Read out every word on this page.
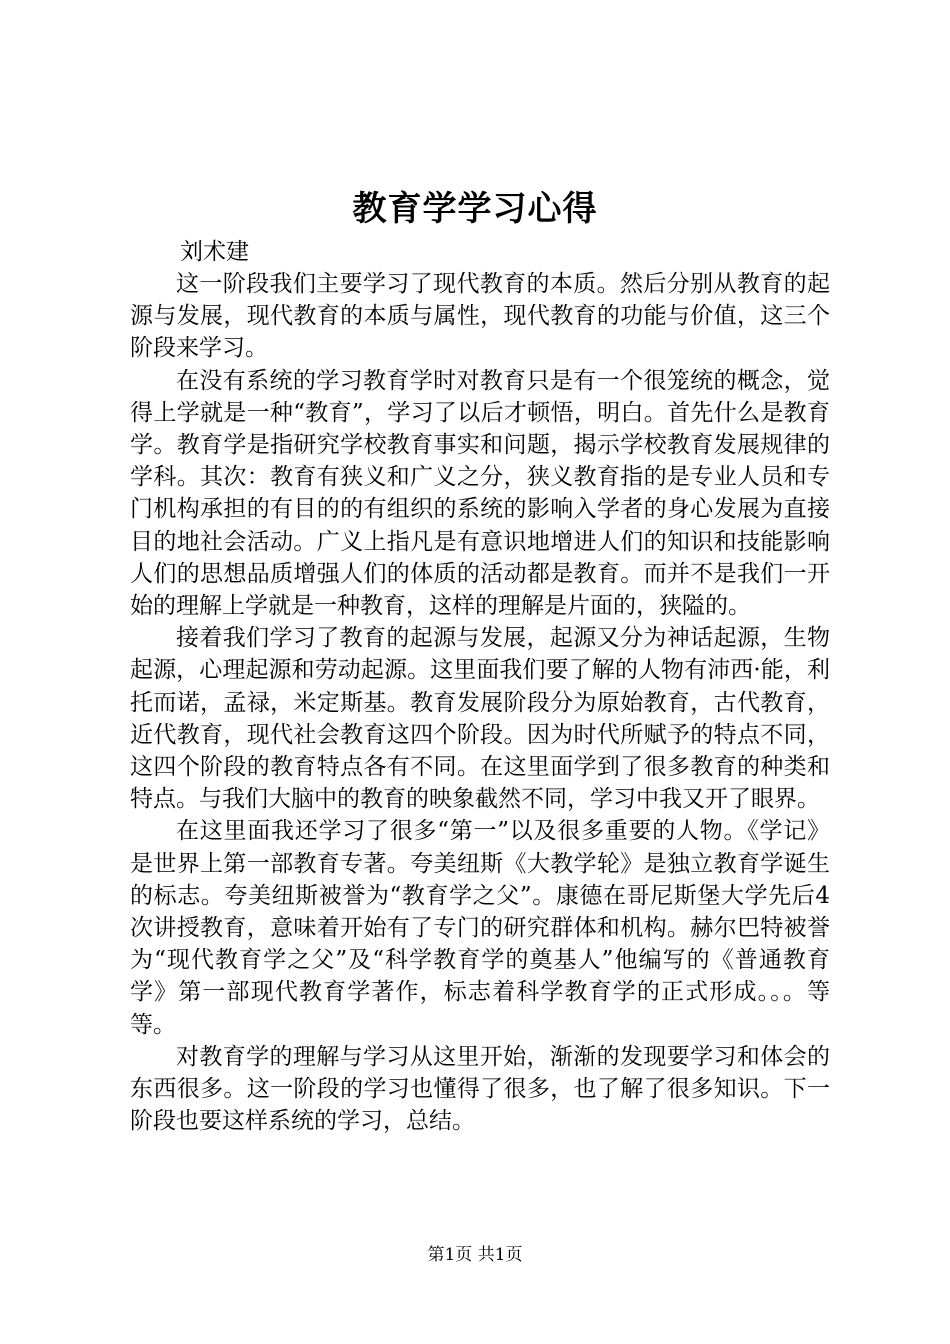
教育学学习心得
刘术建

这一阶段我们主要学习了现代教育的本质。然后分别从教育的起源与发展，现代教育的本质与属性，现代教育的功能与价值，这三个阶段来学习。

在没有系统的学习教育学时对教育只是有一个很笼统的概念，觉得上学就是一种“教育”，学习了以后才顿悟，明白。首先什么是教育学。教育学是指研究学校教育事实和问题，揭示学校教育发展规律的学科。其次：教育有狭义和广义之分，狭义教育指的是专业人员和专门机构承担的有目的的有组织的系统的影响入学者的身心发展为直接目的地社会活动。广义上指凡是有意识地增进人们的知识和技能影响人们的思想品质增强人们的体质的活动都是教育。而并不是我们一开始的理解上学就是一种教育，这样的理解是片面的，狭隘的。

接着我们学习了教育的起源与发展，起源又分为神话起源，生物起源，心理起源和劳动起源。这里面我们要了解的人物有沛西·能，利托而诺，孟禄，米定斯基。教育发展阶段分为原始教育，古代教育，近代教育，现代社会教育这四个阶段。因为时代所赋予的特点不同，这四个阶段的教育特点各有不同。在这里面学到了很多教育的种类和特点。与我们大脑中的教育的映象截然不同，学习中我又开了眼界。

在这里面我还学习了很多“第一”以及很多重要的人物。《学记》是世界上第一部教育专著。夸美纽斯《大教学轮》是独立教育学诞生的标志。夸美纽斯被誉为“教育学之父”。康德在哥尼斯堡大学先后4次讲授教育，意味着开始有了专门的研究群体和机构。赫尔巴特被誉为“现代教育学之父”及“科学教育学的奠基人”他编写的《普通教育学》第一部现代教育学著作，标志着科学教育学的正式形成。。。等等。

对教育学的理解与学习从这里开始，渐渐的发现要学习和体会的东西很多。这一阶段的学习也懂得了很多，也了解了很多知识。下一阶段也要这样系统的学习，总结。

第1页 共1页
